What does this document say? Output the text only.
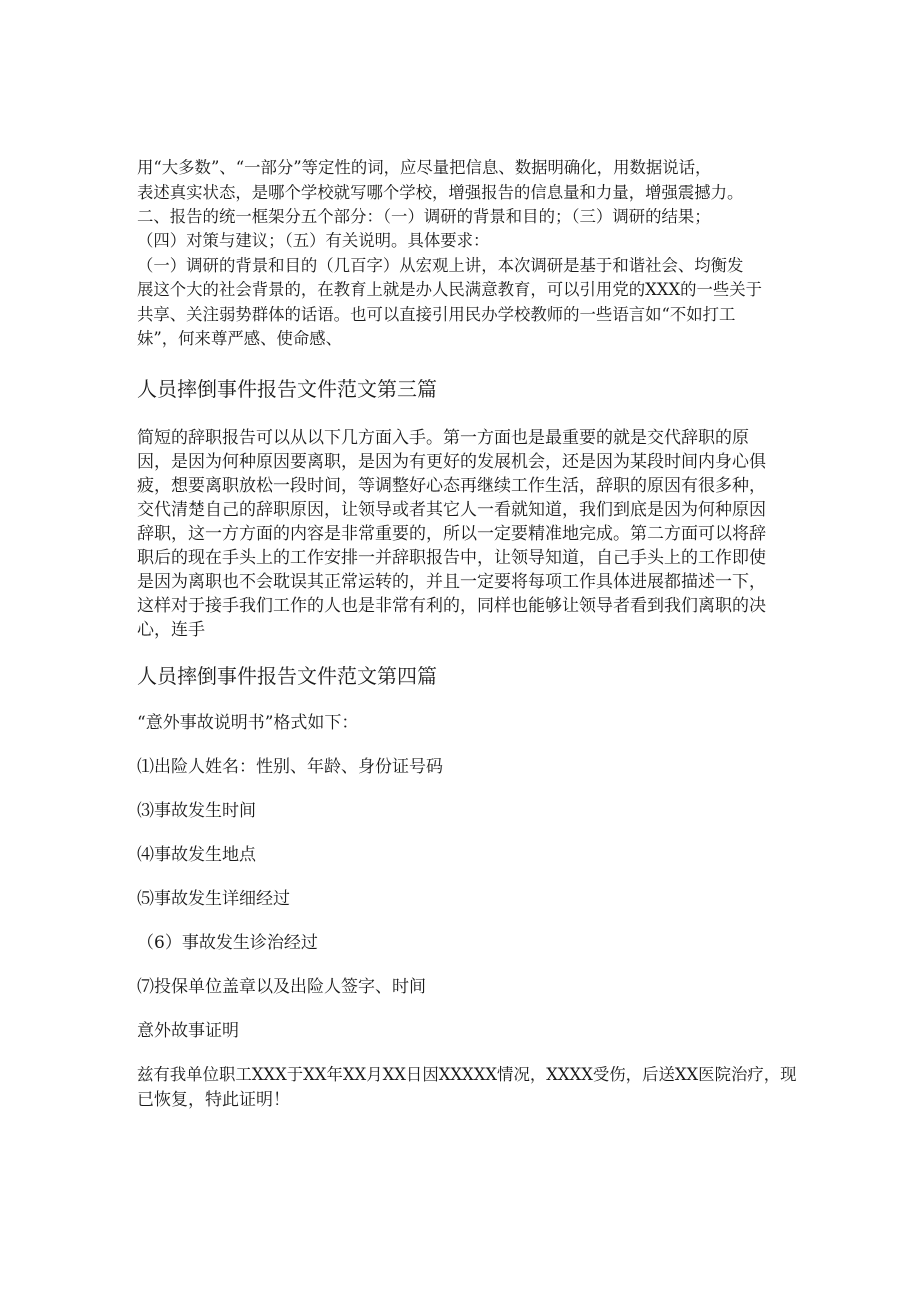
用“大多数”、“一部分”等定性的词，应尽量把信息、数据明确化，用数据说话，
表述真实状态，是哪个学校就写哪个学校，增强报告的信息量和力量，增强震撼力。
二、报告的统一框架分五个部分：（一）调研的背景和目的；（三）调研的结果；
（四）对策与建议；（五）有关说明。具体要求：
（一）调研的背景和目的（几百字）从宏观上讲，本次调研是基于和谐社会、均衡发
展这个大的社会背景的，在教育上就是办人民满意教育，可以引用党的XXX的一些关于
共享、关注弱势群体的话语。也可以直接引用民办学校教师的一些语言如“不如打工
妹”，何来尊严感、使命感、
人员摔倒事件报告文件范文第三篇
简短的辞职报告可以从以下几方面入手。第一方面也是最重要的就是交代辞职的原
因，是因为何种原因要离职，是因为有更好的发展机会，还是因为某段时间内身心俱
疲，想要离职放松一段时间，等调整好心态再继续工作生活，辞职的原因有很多种，
交代清楚自己的辞职原因，让领导或者其它人一看就知道，我们到底是因为何种原因
辞职，这一方方面的内容是非常重要的，所以一定要精准地完成。第二方面可以将辞
职后的现在手头上的工作安排一并辞职报告中，让领导知道，自己手头上的工作即使
是因为离职也不会耽误其正常运转的，并且一定要将每项工作具体进展都描述一下，
这样对于接手我们工作的人也是非常有利的，同样也能够让领导者看到我们离职的决
心，连手
人员摔倒事件报告文件范文第四篇
“意外事故说明书”格式如下：
⑴出险人姓名：性别、年龄、身份证号码
⑶事故发生时间
⑷事故发生地点
⑸事故发生详细经过
（6）事故发生诊治经过
⑺投保单位盖章以及出险人签字、时间
意外故事证明
兹有我单位职工XXX于XX年XX月XX日因XXXXX情况，XXXX受伤，后送XX医院治疗，现
已恢复，特此证明！
